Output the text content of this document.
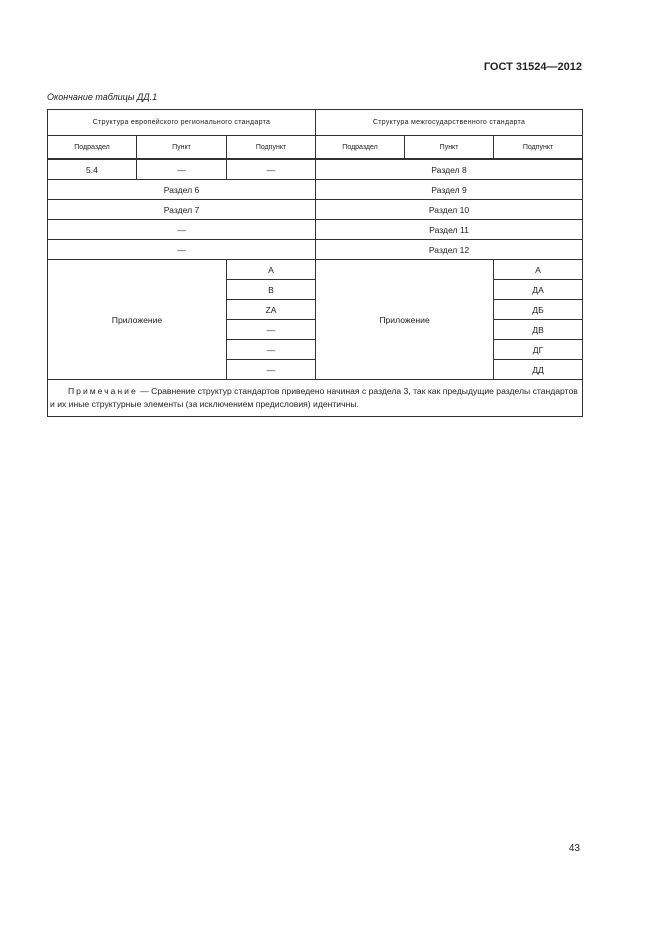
ГОСТ 31524—2012
Окончание таблицы ДД.1
Структура европейского регионального стандарта			Структура межгосударственного стандарта		
Подраздел	Пункт	Подпункт	Подраздел	Пункт	Подпункт
5.4	—	—	Раздел 8		
Раздел 6			Раздел 9		
Раздел 7			Раздел 10		
—			Раздел 11		
—			Раздел 12		
Приложение		A	Приложение		А
		B			ДА
		ZA			ДБ
		—			ДВ
		—			ДГ
		—			ДД
Примечание — Сравнение структур стандартов приведено начиная с раздела 3, так как предыдущие разделы стандартов и их иные структурные элементы (за исключением предисловия) идентичны.					
43
